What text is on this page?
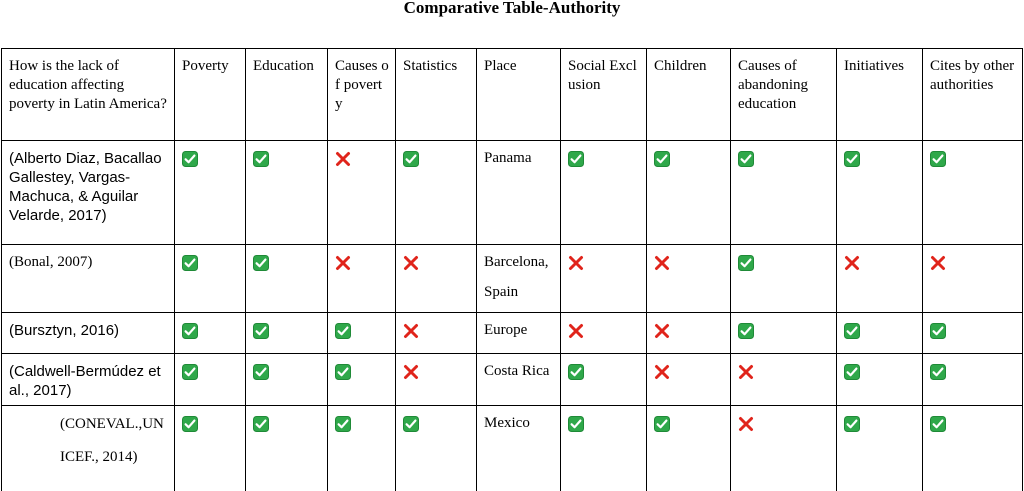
Comparative Table-Authority
How is the lack of education affecting poverty in Latin America?	Poverty	Education	Causes of poverty	Statistics	Place	Social Exclusion	Children	Causes of abandoning education	Initiatives	Cites by other authorities
(Alberto Diaz, Bacallao Gallestey, Vargas-Machuca, & Aguilar Velarde, 2017)					Panama	

(Bonal, 2007)					Barcelona, Spain	

(Bursztyn, 2016)					Europe	

(Caldwell-Bermúdez et al., 2017)					Costa Rica	

(CONEVAL.,UNICEF., 2014)					Mexico	
